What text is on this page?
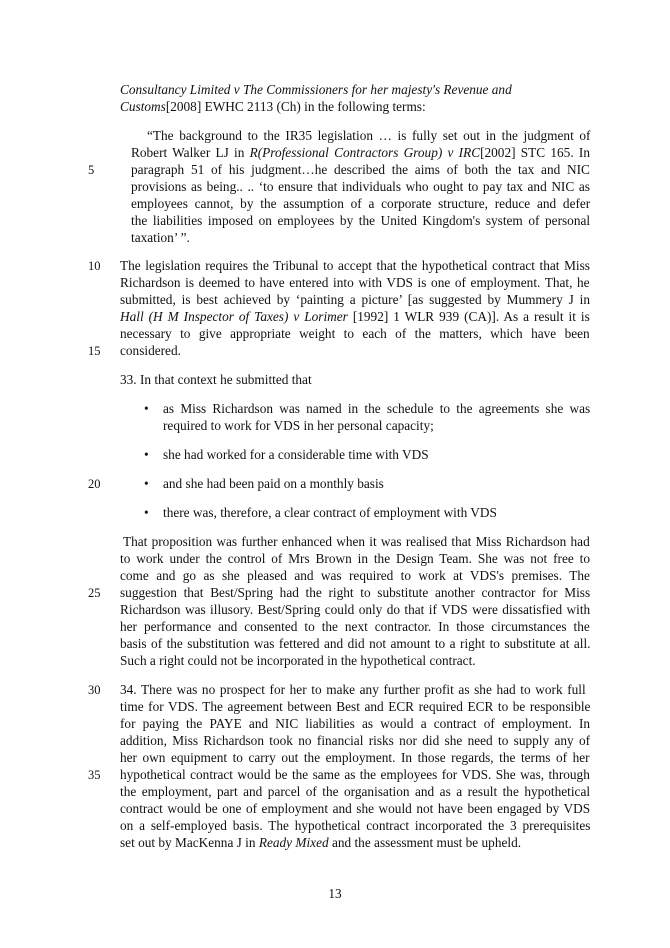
Consultancy Limited v The Commissioners for her majesty's Revenue and
Customs[2008] EWHC 2113 (Ch) in the following terms:
“The background to the IR35 legislation … is fully set out in the judgment of
Robert Walker LJ in R(Professional Contractors Group) v IRC[2002] STC 165. In
5	paragraph 51 of his judgment…he described the aims of both the tax and NIC
provisions as being.. .. ‘to ensure that individuals who ought to pay tax and NIC as
employees cannot, by the assumption of a corporate structure, reduce and defer
the liabilities imposed on employees by the United Kingdom's system of personal
taxation’ ”.
10 The legislation requires the Tribunal to accept that the hypothetical contract that Miss
Richardson is deemed to have entered into with VDS is one of employment. That, he
submitted, is best achieved by ‘painting a picture’ [as suggested by Mummery J in
Hall (H M Inspector of Taxes) v Lorimer [1992] 1 WLR 939 (CA)]. As a result it is
necessary to give appropriate weight to each of the matters, which have been
15 considered.
33. In that context he submitted that
• as Miss Richardson was named in the schedule to the agreements she was
required to work for VDS in her personal capacity;
• she had worked for a considerable time with VDS
20	• and she had been paid on a monthly basis
• there was, therefore, a clear contract of employment with VDS
That proposition was further enhanced when it was realised that Miss Richardson had
to work under the control of Mrs Brown in the Design Team. She was not free to
come and go as she pleased and was required to work at VDS's premises. The
25 suggestion that Best/Spring had the right to substitute another contractor for Miss
Richardson was illusory. Best/Spring could only do that if VDS were dissatisfied with
her performance and consented to the next contractor. In those circumstances the
basis of the substitution was fettered and did not amount to a right to substitute at all.
Such a right could not be incorporated in the hypothetical contract.
30 34. There was no prospect for her to make any further profit as she had to work full
time for VDS. The agreement between Best and ECR required ECR to be responsible
for paying the PAYE and NIC liabilities as would a contract of employment. In
addition, Miss Richardson took no financial risks nor did she need to supply any of
her own equipment to carry out the employment. In those regards, the terms of her
35 hypothetical contract would be the same as the employees for VDS. She was, through
the employment, part and parcel of the organisation and as a result the hypothetical
contract would be one of employment and she would not have been engaged by VDS
on a self-employed basis. The hypothetical contract incorporated the 3 prerequisites
set out by MacKenna J in Ready Mixed and the assessment must be upheld.
13
